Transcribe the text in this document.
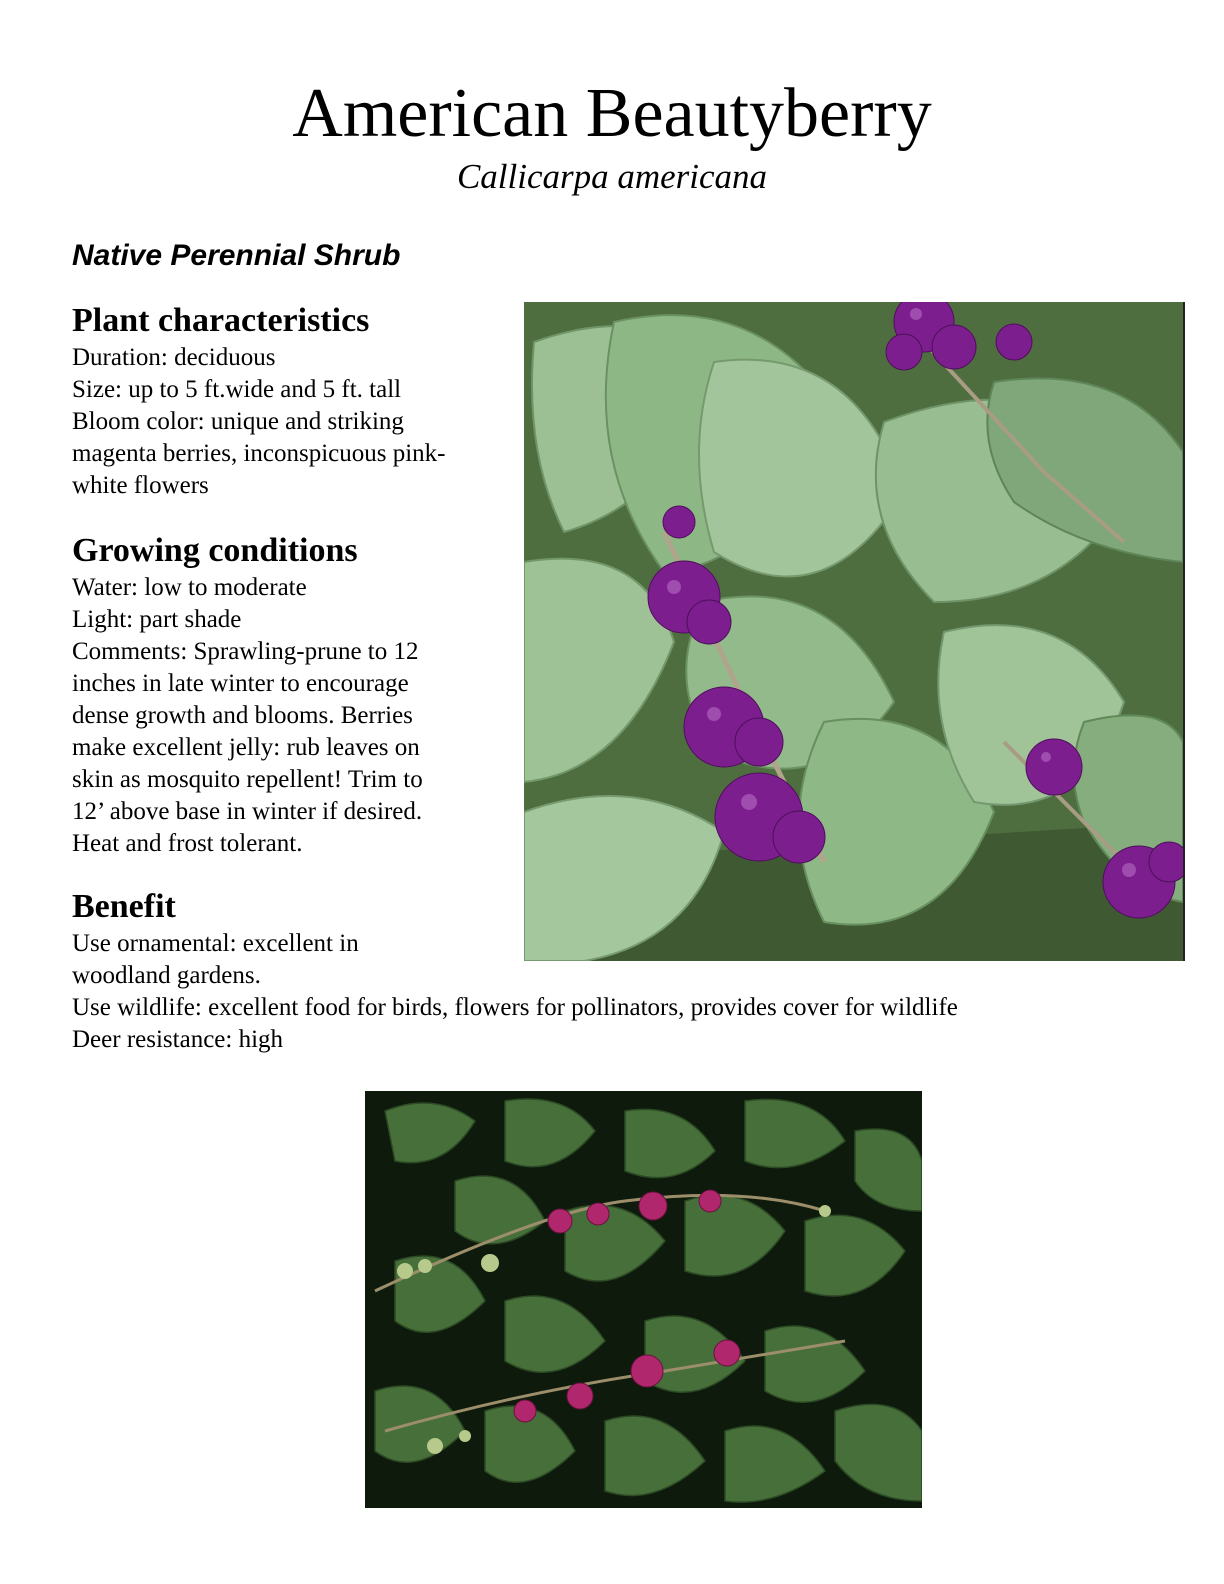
American Beautyberry
Callicarpa americana
Native Perennial Shrub
Plant characteristics
Duration: deciduous
Size: up to 5 ft.wide and 5 ft. tall
Bloom color: unique and striking
magenta berries, inconspicuous pink-
white flowers
Growing conditions
Water: low to moderate
Light: part shade
Comments: Sprawling-prune to 12
inches in late winter to encourage
dense growth and blooms. Berries
make excellent jelly: rub leaves on
skin as mosquito repellent! Trim to
12’ above base in winter if desired.
Heat and frost tolerant.
Benefit
Use ornamental: excellent in
woodland gardens.
Use wildlife: excellent food for birds, flowers for pollinators, provides cover for wildlife
Deer resistance: high
